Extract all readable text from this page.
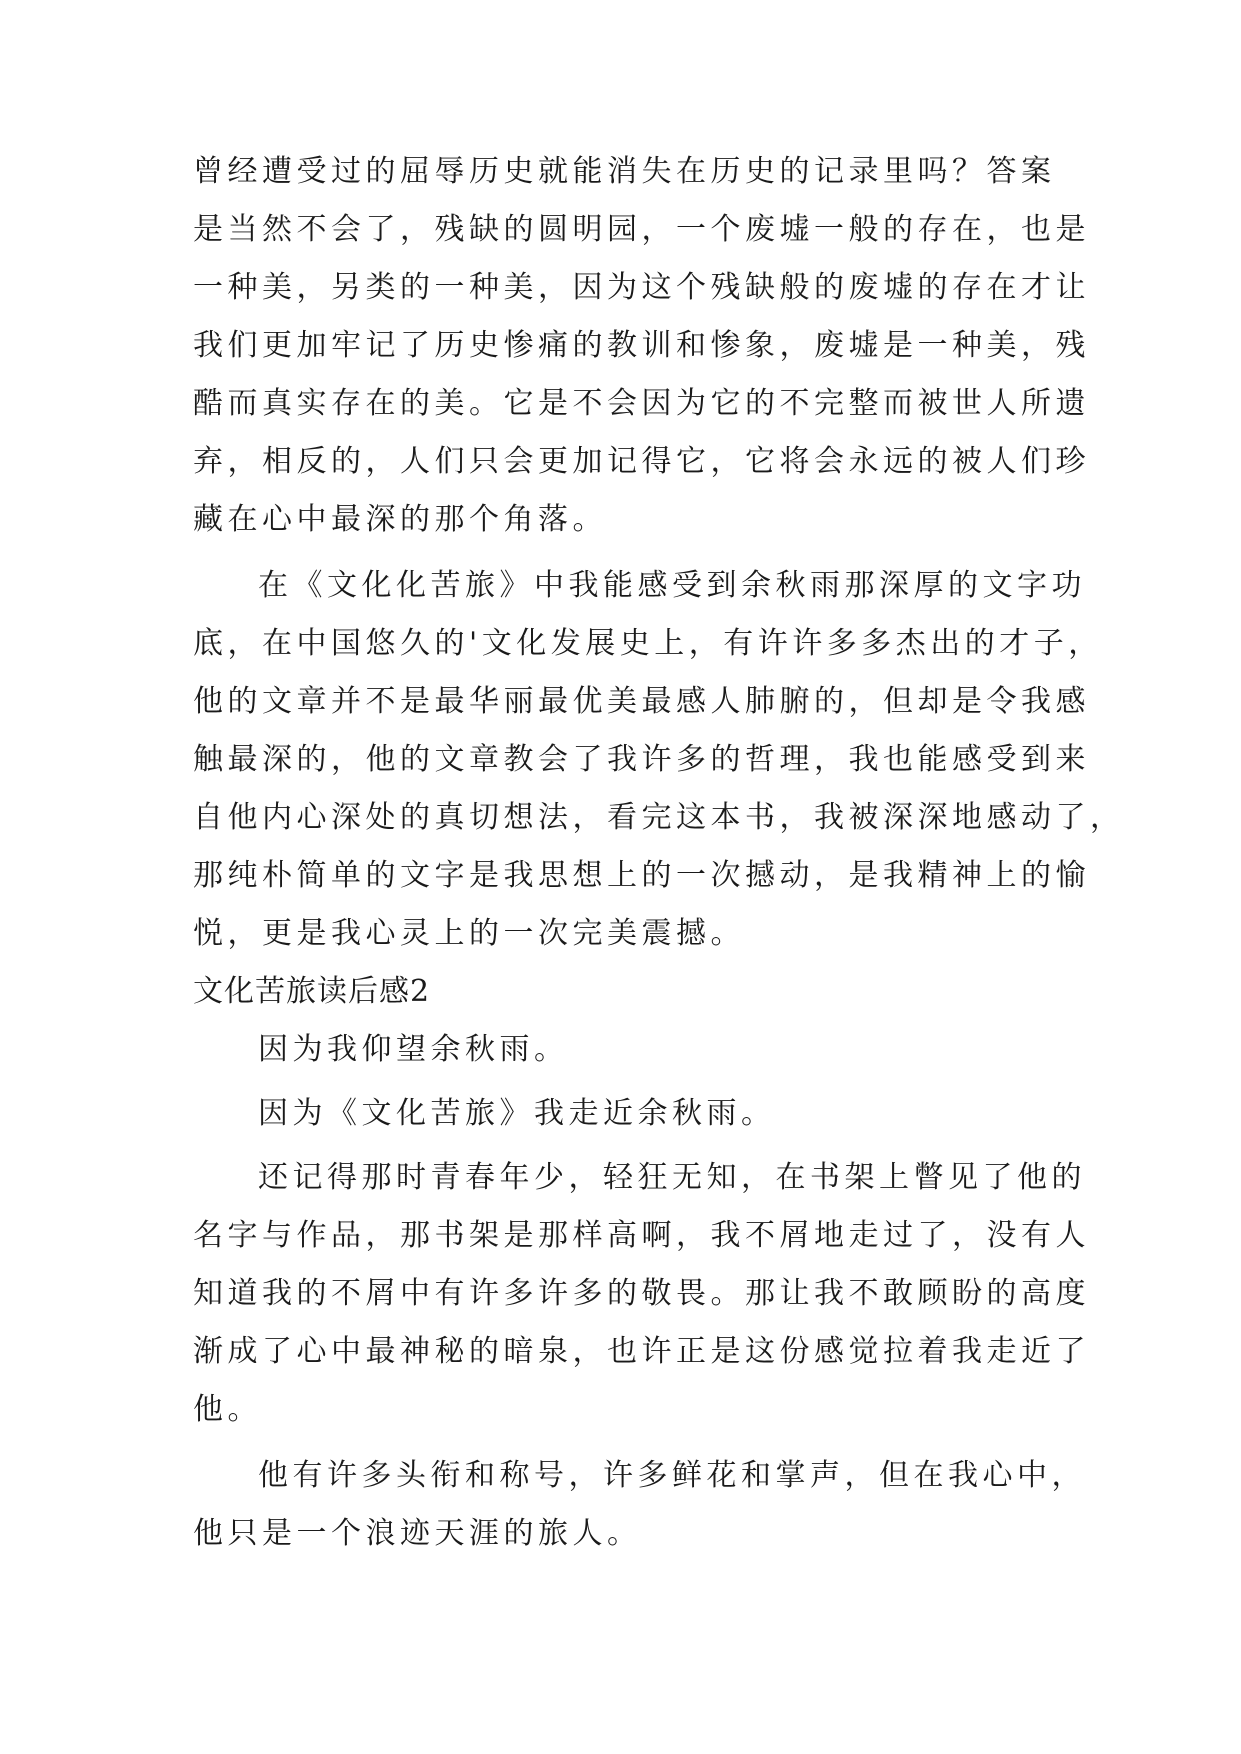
曾经遭受过的屈辱历史就能消失在历史的记录里吗？答案
是当然不会了，残缺的圆明园，一个废墟一般的存在，也是
一种美，另类的一种美，因为这个残缺般的废墟的存在才让
我们更加牢记了历史惨痛的教训和惨象，废墟是一种美，残
酷而真实存在的美。它是不会因为它的不完整而被世人所遗
弃，相反的，人们只会更加记得它，它将会永远的被人们珍
藏在心中最深的那个角落。
在《文化化苦旅》中我能感受到余秋雨那深厚的文字功
底，在中国悠久的'文化发展史上，有许许多多杰出的才子，
他的文章并不是最华丽最优美最感人肺腑的，但却是令我感
触最深的，他的文章教会了我许多的哲理，我也能感受到来
自他内心深处的真切想法，看完这本书，我被深深地感动了，
那纯朴简单的文字是我思想上的一次撼动，是我精神上的愉
悦，更是我心灵上的一次完美震撼。
文化苦旅读后感2
因为我仰望余秋雨。
因为《文化苦旅》我走近余秋雨。
还记得那时青春年少，轻狂无知，在书架上瞥见了他的
名字与作品，那书架是那样高啊，我不屑地走过了，没有人
知道我的不屑中有许多许多的敬畏。那让我不敢顾盼的高度
渐成了心中最神秘的暗泉，也许正是这份感觉拉着我走近了
他。
他有许多头衔和称号，许多鲜花和掌声，但在我心中，
他只是一个浪迹天涯的旅人。
